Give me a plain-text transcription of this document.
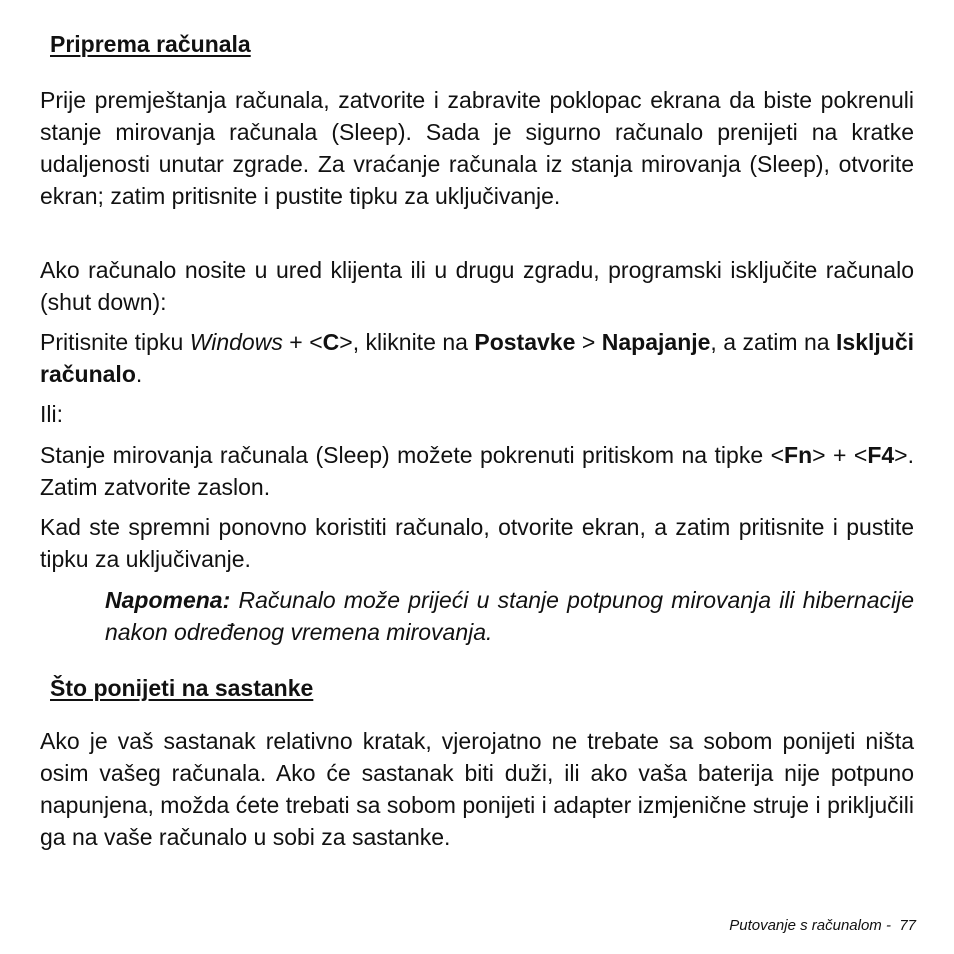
Priprema računala

Prije premještanja računala, zatvorite i zabravite poklopac ekrana da biste pokrenuli stanje mirovanja računala (Sleep). Sada je sigurno računalo prenijeti na kratke udaljenosti unutar zgrade. Za vraćanje računala iz stanja mirovanja (Sleep), otvorite ekran; zatim pritisnite i pustite tipku za uključivanje.

Ako računalo nosite u ured klijenta ili u drugu zgradu, programski isključite računalo (shut down):

Pritisnite tipku Windows + <C>, kliknite na Postavke > Napajanje, a zatim na Isključi računalo.

Ili:

Stanje mirovanja računala (Sleep) možete pokrenuti pritiskom na tipke <Fn> + <F4>. Zatim zatvorite zaslon.

Kad ste spremni ponovno koristiti računalo, otvorite ekran, a zatim pritisnite i pustite tipku za uključivanje.

Napomena: Računalo može prijeći u stanje potpunog mirovanja ili hibernacije nakon određenog vremena mirovanja.

Što ponijeti na sastanke

Ako je vaš sastanak relativno kratak, vjerojatno ne trebate sa sobom ponijeti ništa osim vašeg računala. Ako će sastanak biti duži, ili ako vaša baterija nije potpuno napunjena, možda ćete trebati sa sobom ponijeti i adapter izmjenične struje i priključili ga na vaše računalo u sobi za sastanke.

Putovanje s računalom - 77
